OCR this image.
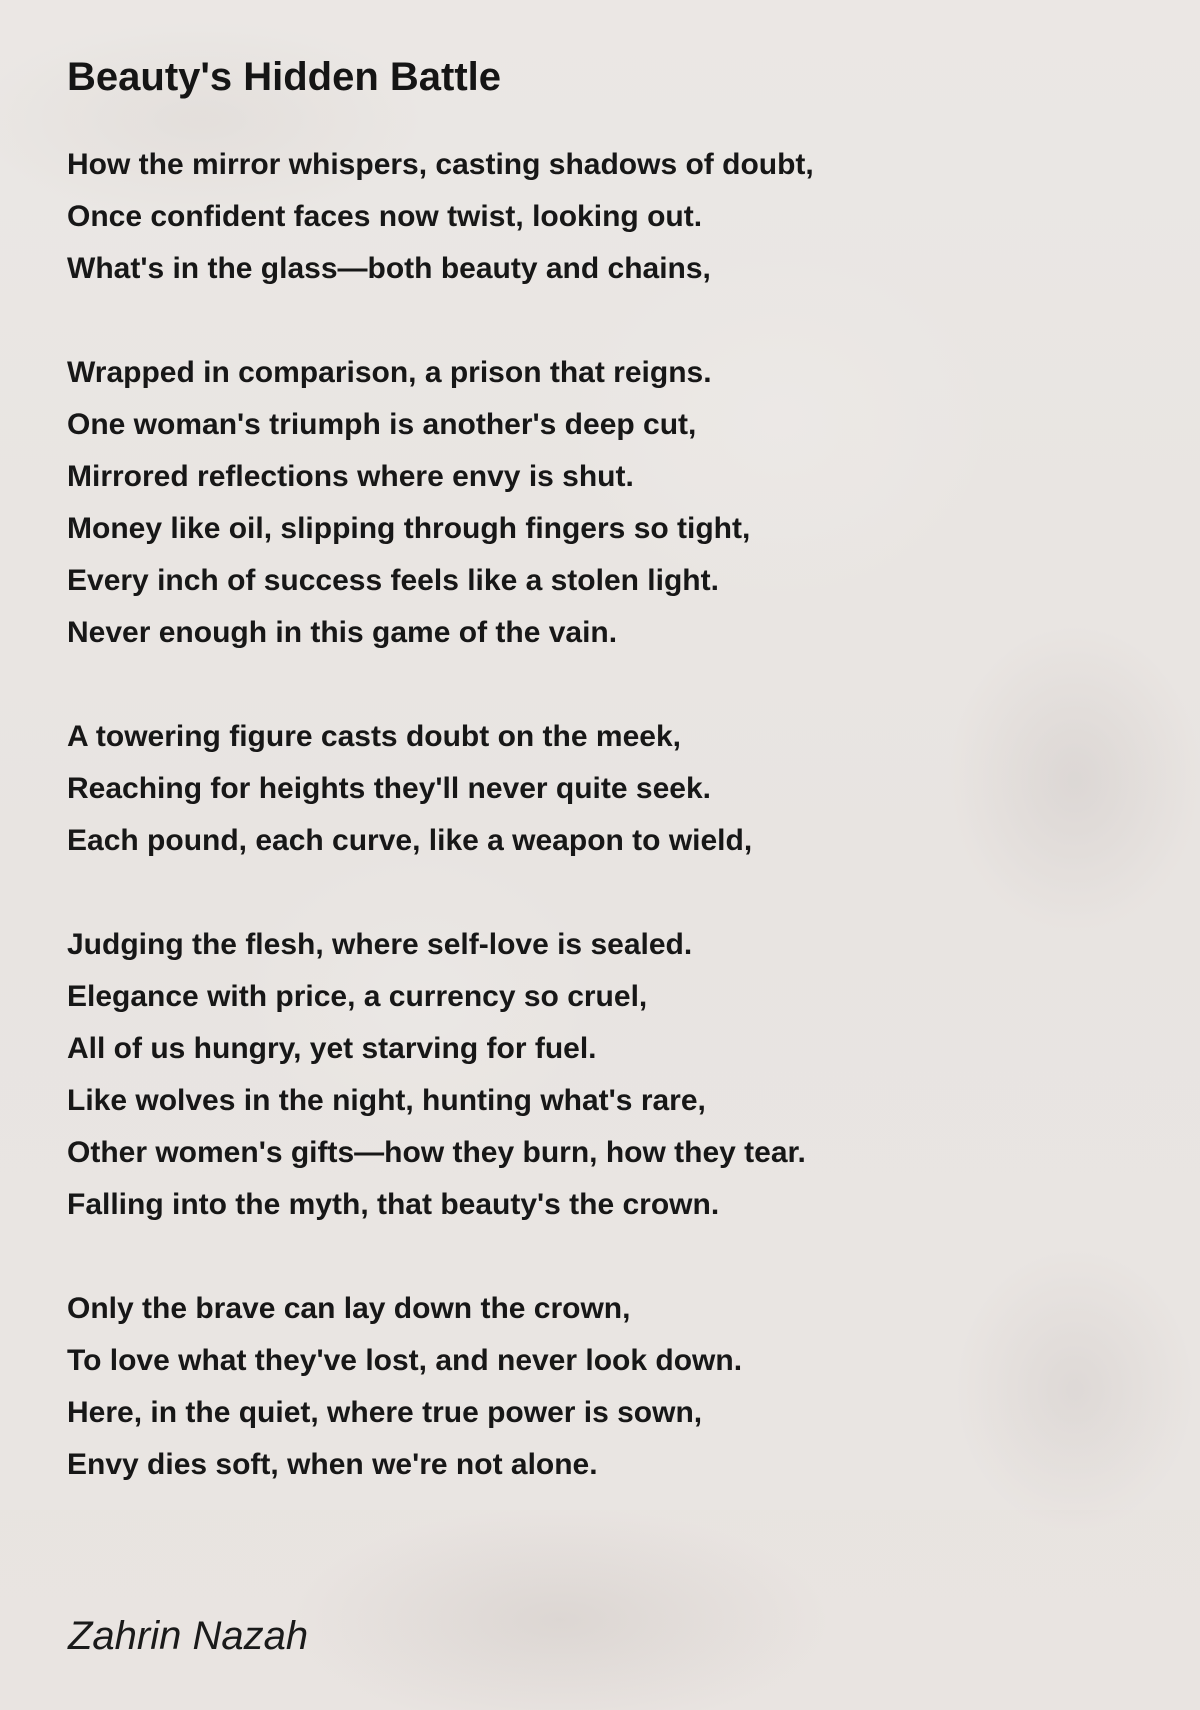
Beauty's Hidden Battle
How the mirror whispers, casting shadows of doubt,
Once confident faces now twist, looking out.
What's in the glass—both beauty and chains,
Wrapped in comparison, a prison that reigns.
One woman's triumph is another's deep cut,
Mirrored reflections where envy is shut.
Money like oil, slipping through fingers so tight,
Every inch of success feels like a stolen light.
Never enough in this game of the vain.
A towering figure casts doubt on the meek,
Reaching for heights they'll never quite seek.
Each pound, each curve, like a weapon to wield,
Judging the flesh, where self-love is sealed.
Elegance with price, a currency so cruel,
All of us hungry, yet starving for fuel.
Like wolves in the night, hunting what's rare,
Other women's gifts—how they burn, how they tear.
Falling into the myth, that beauty's the crown.
Only the brave can lay down the crown,
To love what they've lost, and never look down.
Here, in the quiet, where true power is sown,
Envy dies soft, when we're not alone.
Zahrin Nazah
